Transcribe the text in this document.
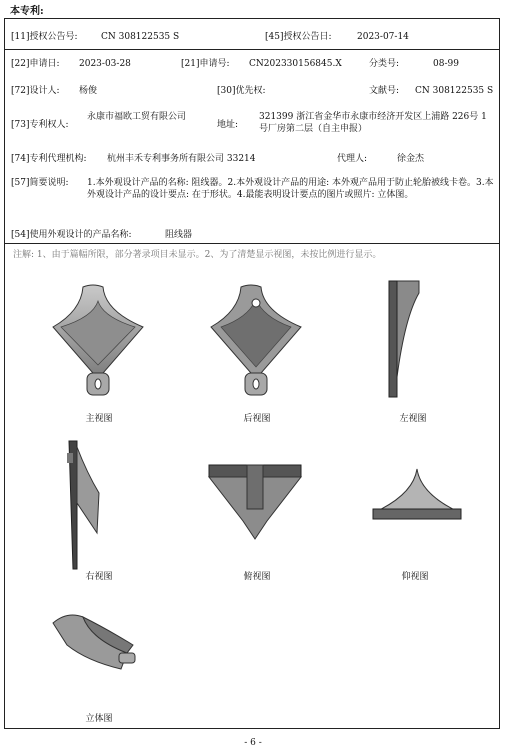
本专利:
[11]授权公告号:	CN 308122535 S	[45]授权公告日:	2023-07-14
[22]申请日: 2023-03-28	[21]申请号: CN202330156845.X	分类号:	08-99
[72]设计人: 杨俊	[30]优先权:	文献号: CN 308122535 S
[73]专利权人:
永康市福欧工贸有限公司
地址:
321399 浙江省金华市永康市经济开发区上浦路 226号 1 号厂房第二层（自主申报）
[74]专利代理机构: 杭州丰禾专利事务所有限公司 33214	代理人:	徐金杰
[57]简要说明: 1.本外观设计产品的名称: 阻线器。2.本外观设计产品的用途: 本外观产品用于防止轮胎被线卡卷。3.本外观设计产品的设计要点: 在于形状。4.最能表明设计要点的图片或照片: 立体图。
[54]使用外观设计的产品名称:	阻线器
注解: 1、由于篇幅所限，部分著录项目未显示。2、为了清楚显示视图，未按比例进行显示。
主视图	后视图	左视图
右视图	俯视图	仰视图
立体图
- 6 -
